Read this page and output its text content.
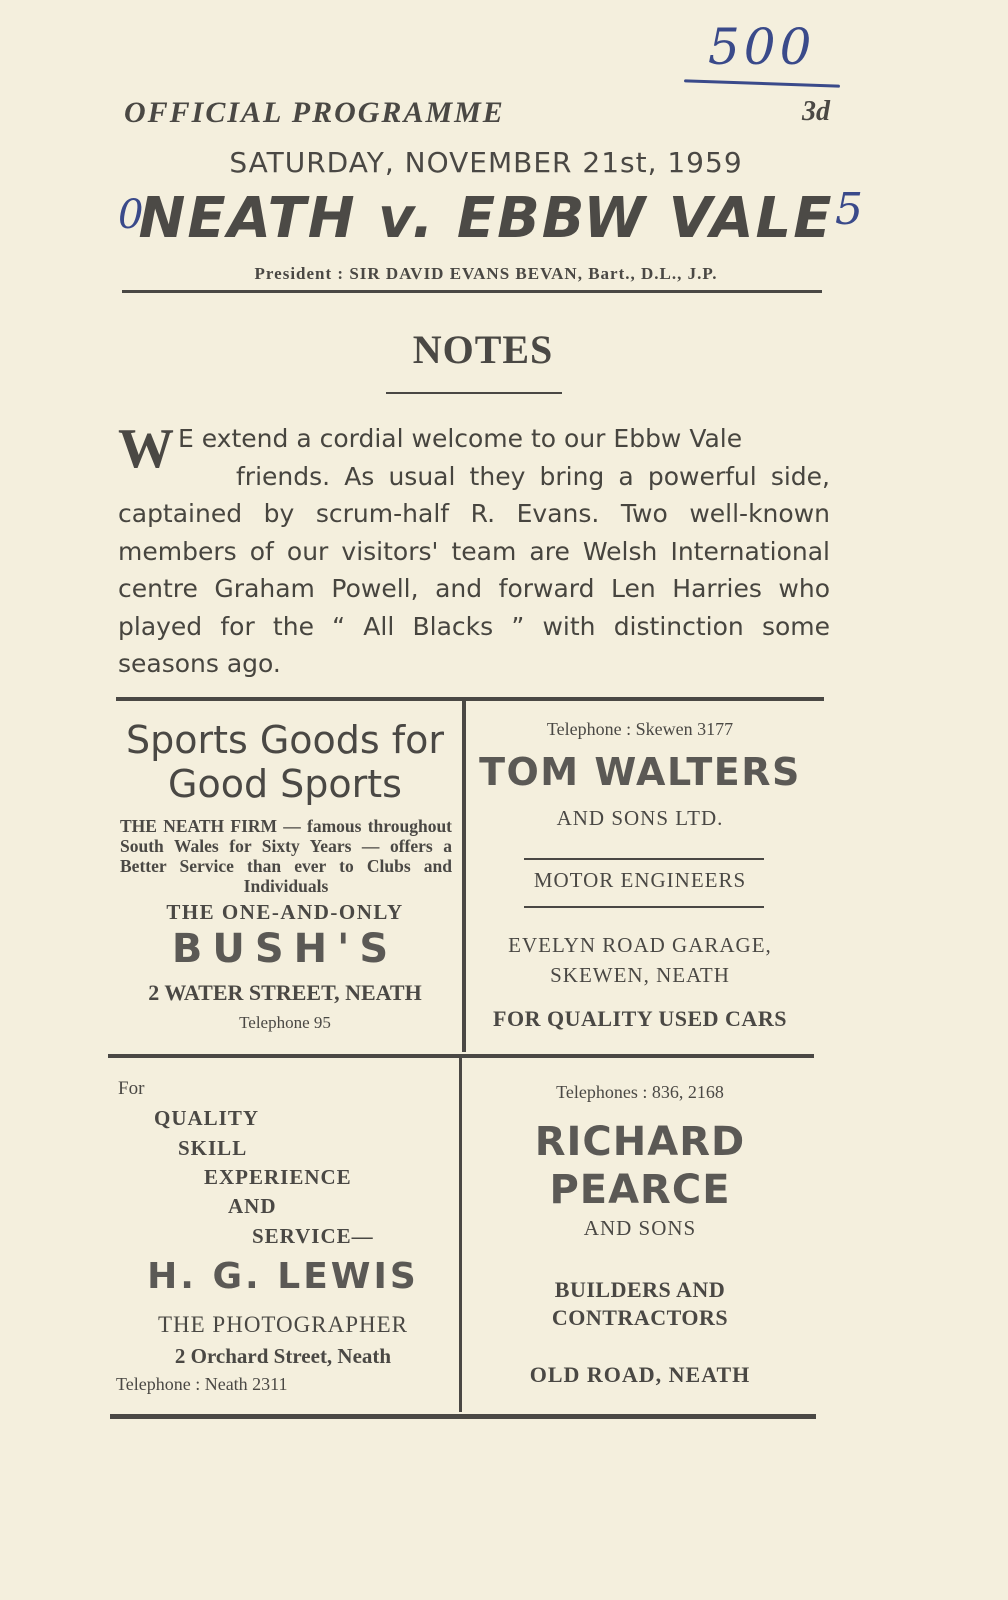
500
0	5
OFFICIAL PROGRAMME	3d
SATURDAY, NOVEMBER 21st, 1959
NEATH v. EBBW VALE
President : SIR DAVID EVANS BEVAN, Bart., D.L., J.P.
NOTES
W E extend a cordial welcome to our Ebbw Vale
friends. As usual they bring a powerful side, captained by scrum-half R. Evans. Two well-known members of our visitors' team are Welsh International centre Graham Powell, and forward Len Harries who played for the “ All Blacks ” with distinction some seasons ago.
Sports Goods for
Good Sports
THE NEATH FIRM — famous throughout South Wales for Sixty Years — offers a Better Service than ever to Clubs and Individuals
THE ONE-AND-ONLY
BUSH'S
2 WATER STREET, NEATH
Telephone 95
Telephone : Skewen 3177
TOM WALTERS
AND SONS LTD.
MOTOR ENGINEERS
EVELYN ROAD GARAGE,
SKEWEN, NEATH
FOR QUALITY USED CARS
For
QUALITY
SKILL
EXPERIENCE
AND
SERVICE—
H. G. LEWIS
THE PHOTOGRAPHER
2 Orchard Street, Neath
Telephone : Neath 2311
Telephones : 836, 2168
RICHARD
PEARCE
AND SONS
BUILDERS AND
CONTRACTORS
OLD ROAD, NEATH
